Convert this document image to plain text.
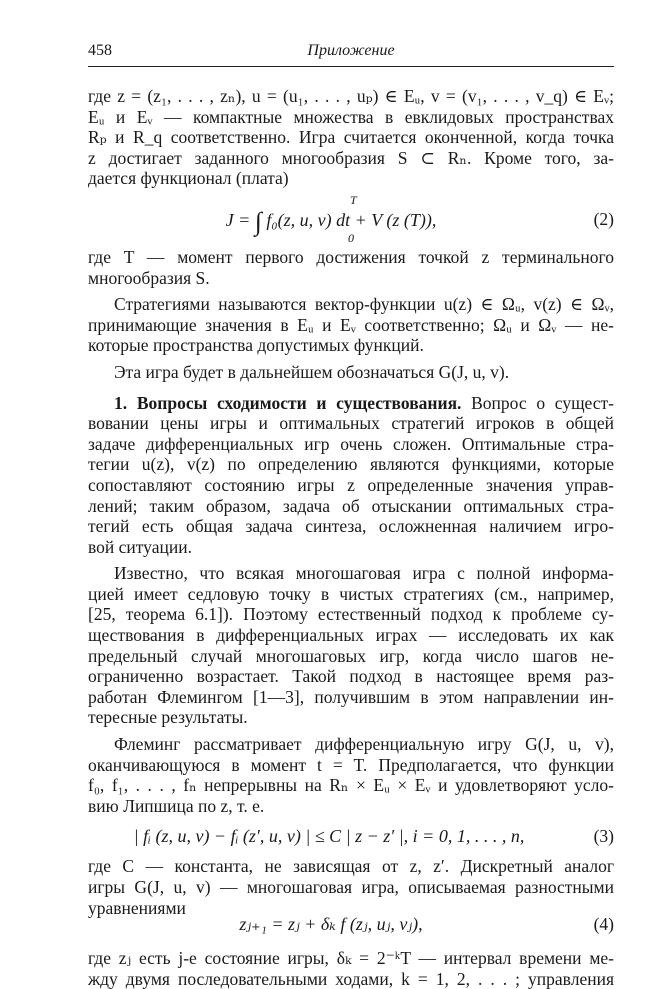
458	Приложение
где z = (z₁, . . . , zₙ), u = (u₁, . . . , uₚ) ∈ Eᵤ, v = (v₁, . . . , v_q) ∈ Eᵥ;
Eᵤ и Eᵥ — компактные множества в евклидовых пространствах
Rₚ и R_q соответственно. Игра считается оконченной, когда точка
z достигает заданного многообразия S ⊂ Rₙ. Кроме того, за-
дается функционал (плата)
T
J = ∫ f₀(z, u, v) dt + V (z (T)),
0
(2)
где T — момент первого достижения точкой z терминального
многообразия S.
Стратегиями называются вектор-функции u(z) ∈ Ωᵤ, v(z) ∈ Ωᵥ,
принимающие значения в Eᵤ и Eᵥ соответственно; Ωᵤ и Ωᵥ — не-
которые пространства допустимых функций.
Эта игра будет в дальнейшем обозначаться G(J, u, v).
1. Вопросы сходимости и существования. Вопрос о сущест-
вовании цены игры и оптимальных стратегий игроков в общей
задаче дифференциальных игр очень сложен. Оптимальные стра-
тегии u(z), v(z) по определению являются функциями, которые
сопоставляют состоянию игры z определенные значения управ-
лений; таким образом, задача об отыскании оптимальных стра-
тегий есть общая задача синтеза, осложненная наличием игро-
вой ситуации.
Известно, что всякая многошаговая игра с полной информа-
цией имеет седловую точку в чистых стратегиях (см., например,
[25, теорема 6.1]). Поэтому естественный подход к проблеме су-
ществования в дифференциальных играх — исследовать их как
предельный случай многошаговых игр, когда число шагов не-
ограниченно возрастает. Такой подход в настоящее время раз-
работан Флемингом [1—3], получившим в этом направлении ин-
тересные результаты.
Флеминг рассматривает дифференциальную игру G(J, u, v),
оканчивающуюся в момент t = T. Предполагается, что функции
f₀, f₁, . . . , fₙ непрерывны на Rₙ × Eᵤ × Eᵥ и удовлетворяют усло-
вию Липшица по z, т. е.
| fᵢ (z, u, v) − fᵢ (z′, u, v) | ≤ C | z − z′ |, i = 0, 1, . . . , n,	(3)
где C — константа, не зависящая от z, z′. Дискретный аналог
игры G(J, u, v) — многошаговая игра, описываемая разностными
уравнениями
zⱼ₊₁ = zⱼ + δₖ f (zⱼ, uⱼ, vⱼ),	(4)
где zⱼ есть j-е состояние игры, δₖ = 2⁻ᵏT — интервал времени ме-
жду двумя последовательными ходами, k = 1, 2, . . . ; управления
